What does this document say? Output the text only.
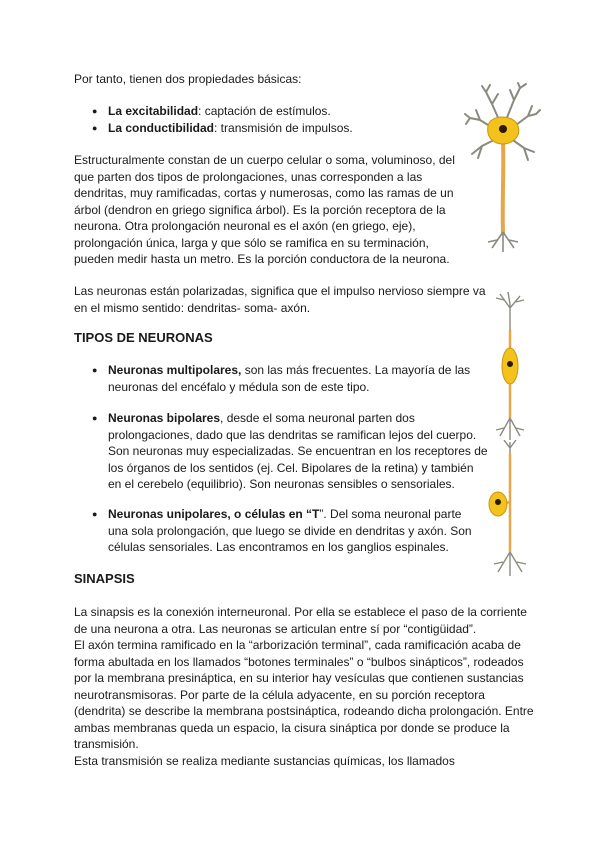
Por tanto, tienen dos propiedades básicas:
● La excitabilidad: captación de estímulos.
● La conductibilidad: transmisión de impulsos.
Estructuralmente constan de un cuerpo celular o soma, voluminoso, del
que parten dos tipos de prolongaciones, unas corresponden a las
dendritas, muy ramificadas, cortas y numerosas, como las ramas de un
árbol (dendron en griego significa árbol). Es la porción receptora de la
neurona. Otra prolongación neuronal es el axón (en griego, eje),
prolongación única, larga y que sólo se ramifica en su terminación,
pueden medir hasta un metro. Es la porción conductora de la neurona.
Las neuronas están polarizadas, significa que el impulso nervioso siempre va
en el mismo sentido: dendritas- soma- axón.
TIPOS DE NEURONAS
● Neuronas multipolares, son las más frecuentes. La mayoría de las
neuronas del encéfalo y médula son de este tipo.
● Neuronas bipolares, desde el soma neuronal parten dos
prolongaciones, dado que las dendritas se ramifican lejos del cuerpo.
Son neuronas muy especializadas. Se encuentran en los receptores de
los órganos de los sentidos (ej. Cel. Bipolares de la retina) y también
en el cerebelo (equilibrio). Son neuronas sensibles o sensoriales.
● Neuronas unipolares, o células en “T”. Del soma neuronal parte
una sola prolongación, que luego se divide en dendritas y axón. Son
células sensoriales. Las encontramos en los ganglios espinales.
SINAPSIS
La sinapsis es la conexión interneuronal. Por ella se establece el paso de la corriente
de una neurona a otra. Las neuronas se articulan entre sí por “contigüidad”.
El axón termina ramificado en la “arborización terminal”, cada ramificación acaba de
forma abultada en los llamados “botones terminales” o “bulbos sinápticos”, rodeados
por la membrana presináptica, en su interior hay vesículas que contienen sustancias
neurotransmisoras. Por parte de la célula adyacente, en su porción receptora
(dendrita) se describe la membrana postsináptica, rodeando dicha prolongación. Entre
ambas membranas queda un espacio, la cisura sináptica por donde se produce la
transmisión.
Esta transmisión se realiza mediante sustancias químicas, los llamados
